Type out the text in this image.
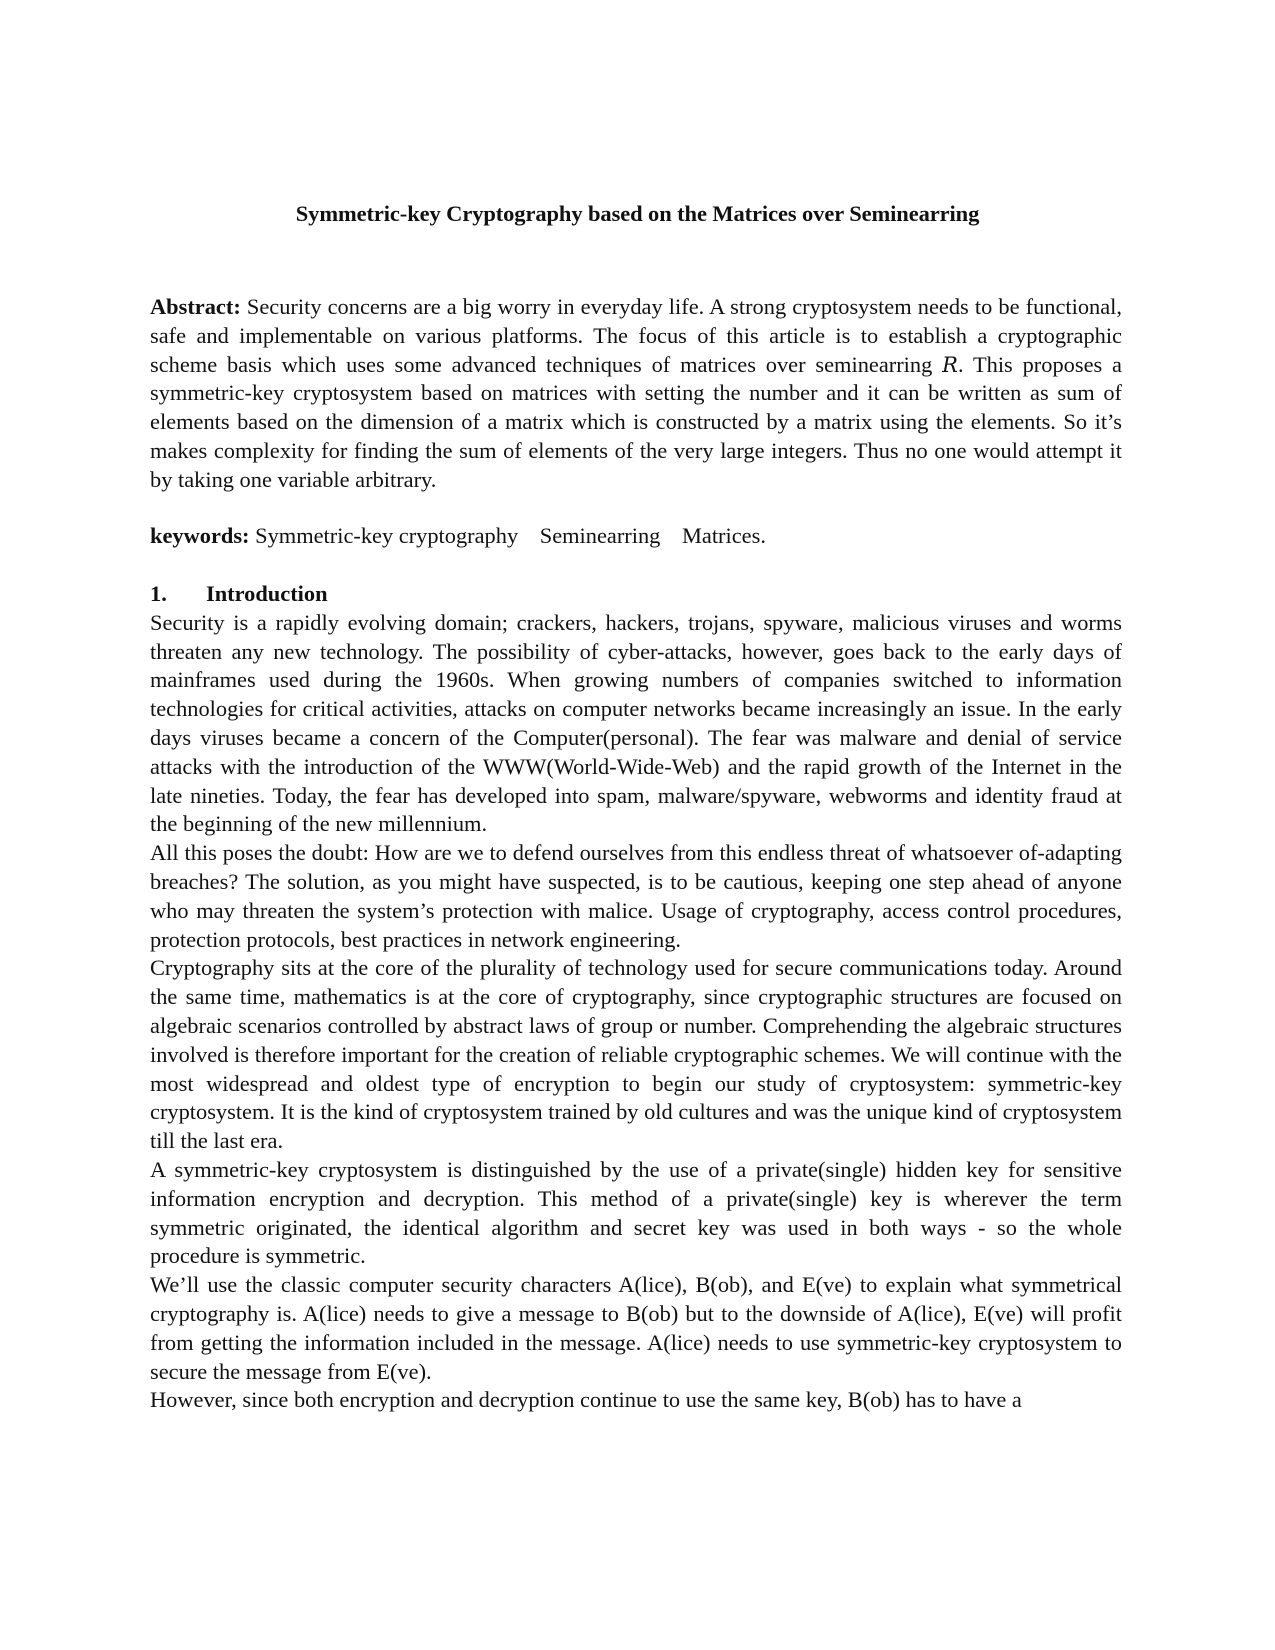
Symmetric-key Cryptography based on the Matrices over Seminearring
Abstract: Security concerns are a big worry in everyday life. A strong cryptosystem needs to be functional, safe and implementable on various platforms. The focus of this article is to establish a cryptographic scheme basis which uses some advanced techniques of matrices over seminearring R. This proposes a symmetric-key cryptosystem based on matrices with setting the number and it can be written as sum of elements based on the dimension of a matrix which is constructed by a matrix using the elements. So it’s makes complexity for finding the sum of elements of the very large integers. Thus no one would attempt it by taking one variable arbitrary.
keywords: Symmetric-key cryptography Seminearring Matrices.
1. Introduction

Security is a rapidly evolving domain; crackers, hackers, trojans, spyware, malicious viruses and worms threaten any new technology. The possibility of cyber-attacks, however, goes back to the early days of mainframes used during the 1960s. When growing numbers of companies switched to information technologies for critical activities, attacks on computer networks became increasingly an issue. In the early days viruses became a concern of the Computer(personal). The fear was malware and denial of service attacks with the introduction of the WWW(World-Wide-Web) and the rapid growth of the Internet in the late nineties. Today, the fear has developed into spam, malware/spyware, webworms and identity fraud at the beginning of the new millennium.

All this poses the doubt: How are we to defend ourselves from this endless threat of whatsoever of-adapting breaches? The solution, as you might have suspected, is to be cautious, keeping one step ahead of anyone who may threaten the system’s protection with malice. Usage of cryptography, access control procedures, protection protocols, best practices in network engineering.

Cryptography sits at the core of the plurality of technology used for secure communications today. Around the same time, mathematics is at the core of cryptography, since cryptographic structures are focused on algebraic scenarios controlled by abstract laws of group or number. Comprehending the algebraic structures involved is therefore important for the creation of reliable cryptographic schemes. We will continue with the most widespread and oldest type of encryption to begin our study of cryptosystem: symmetric-key cryptosystem. It is the kind of cryptosystem trained by old cultures and was the unique kind of cryptosystem till the last era.

A symmetric-key cryptosystem is distinguished by the use of a private(single) hidden key for sensitive information encryption and decryption. This method of a private(single) key is wherever the term symmetric originated, the identical algorithm and secret key was used in both ways - so the whole procedure is symmetric.

We’ll use the classic computer security characters A(lice), B(ob), and E(ve) to explain what symmetrical cryptography is. A(lice) needs to give a message to B(ob) but to the downside of A(lice), E(ve) will profit from getting the information included in the message. A(lice) needs to use symmetric-key cryptosystem to secure the message from E(ve).

However, since both encryption and decryption continue to use the same key, B(ob) has to have a
